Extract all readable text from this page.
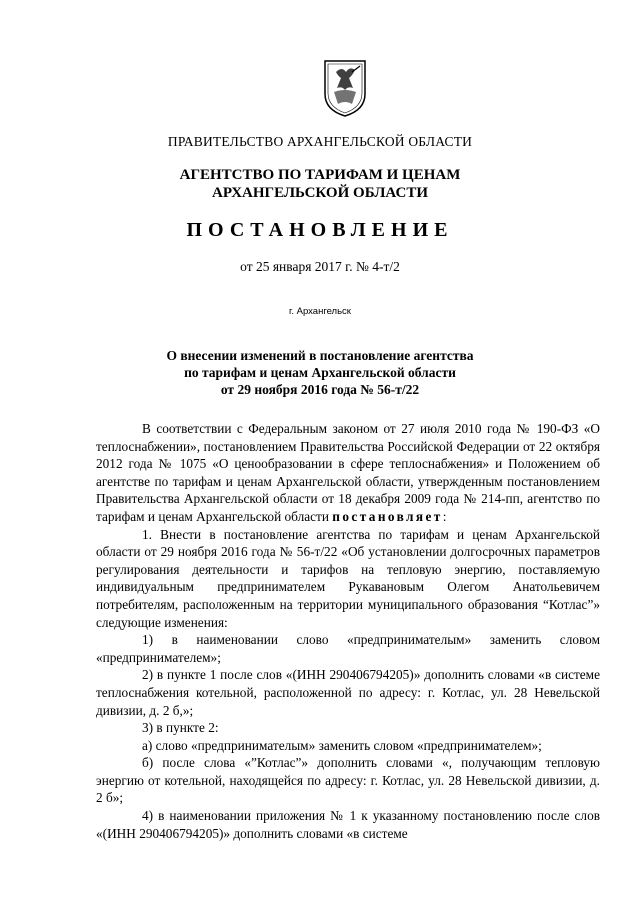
ПРАВИТЕЛЬСТВО АРХАНГЕЛЬСКОЙ ОБЛАСТИ
АГЕНТСТВО ПО ТАРИФАМ И ЦЕНАМ
АРХАНГЕЛЬСКОЙ ОБЛАСТИ
ПОСТАНОВЛЕНИЕ
от 25 января 2017 г. № 4-т/2
г. Архангельск
О внесении изменений в постановление агентства
по тарифам и ценам Архангельской области
от 29 ноября 2016 года № 56-т/22

В соответствии с Федеральным законом от 27 июля 2010 года № 190-ФЗ «О теплоснабжении», постановлением Правительства Российской Федерации от 22 октября 2012 года № 1075 «О ценообразовании в сфере теплоснабжения» и Положением об агентстве по тарифам и ценам Архангельской области, утвержденным постановлением Правительства Архангельской области от 18 декабря 2009 года № 214-пп, агентство по тарифам и ценам Архангельской области постановляет:

1. Внести в постановление агентства по тарифам и ценам Архангельской области от 29 ноября 2016 года № 56-т/22 «Об установлении долгосрочных параметров регулирования деятельности и тарифов на тепловую энергию, поставляемую индивидуальным предпринимателем Рукавановым Олегом Анатольевичем потребителям, расположенным на территории муниципального образования “Котлас”» следующие изменения:

1) в наименовании слово «предпринимателым» заменить словом «предпринимателем»;

2) в пункте 1 после слов «(ИНН 290406794205)» дополнить словами «в системе теплоснабжения котельной, расположенной по адресу: г. Котлас, ул. 28 Невельской дивизии, д. 2 б,»;

3) в пункте 2:

а) слово «предпринимателым» заменить словом «предпринимателем»;

б) после слова «”Котлас”» дополнить словами «, получающим тепловую энергию от котельной, находящейся по адресу: г. Котлас, ул. 28 Невельской дивизии, д. 2 б»;

4) в наименовании приложения № 1 к указанному постановлению после слов «(ИНН 290406794205)» дополнить словами «в системе
